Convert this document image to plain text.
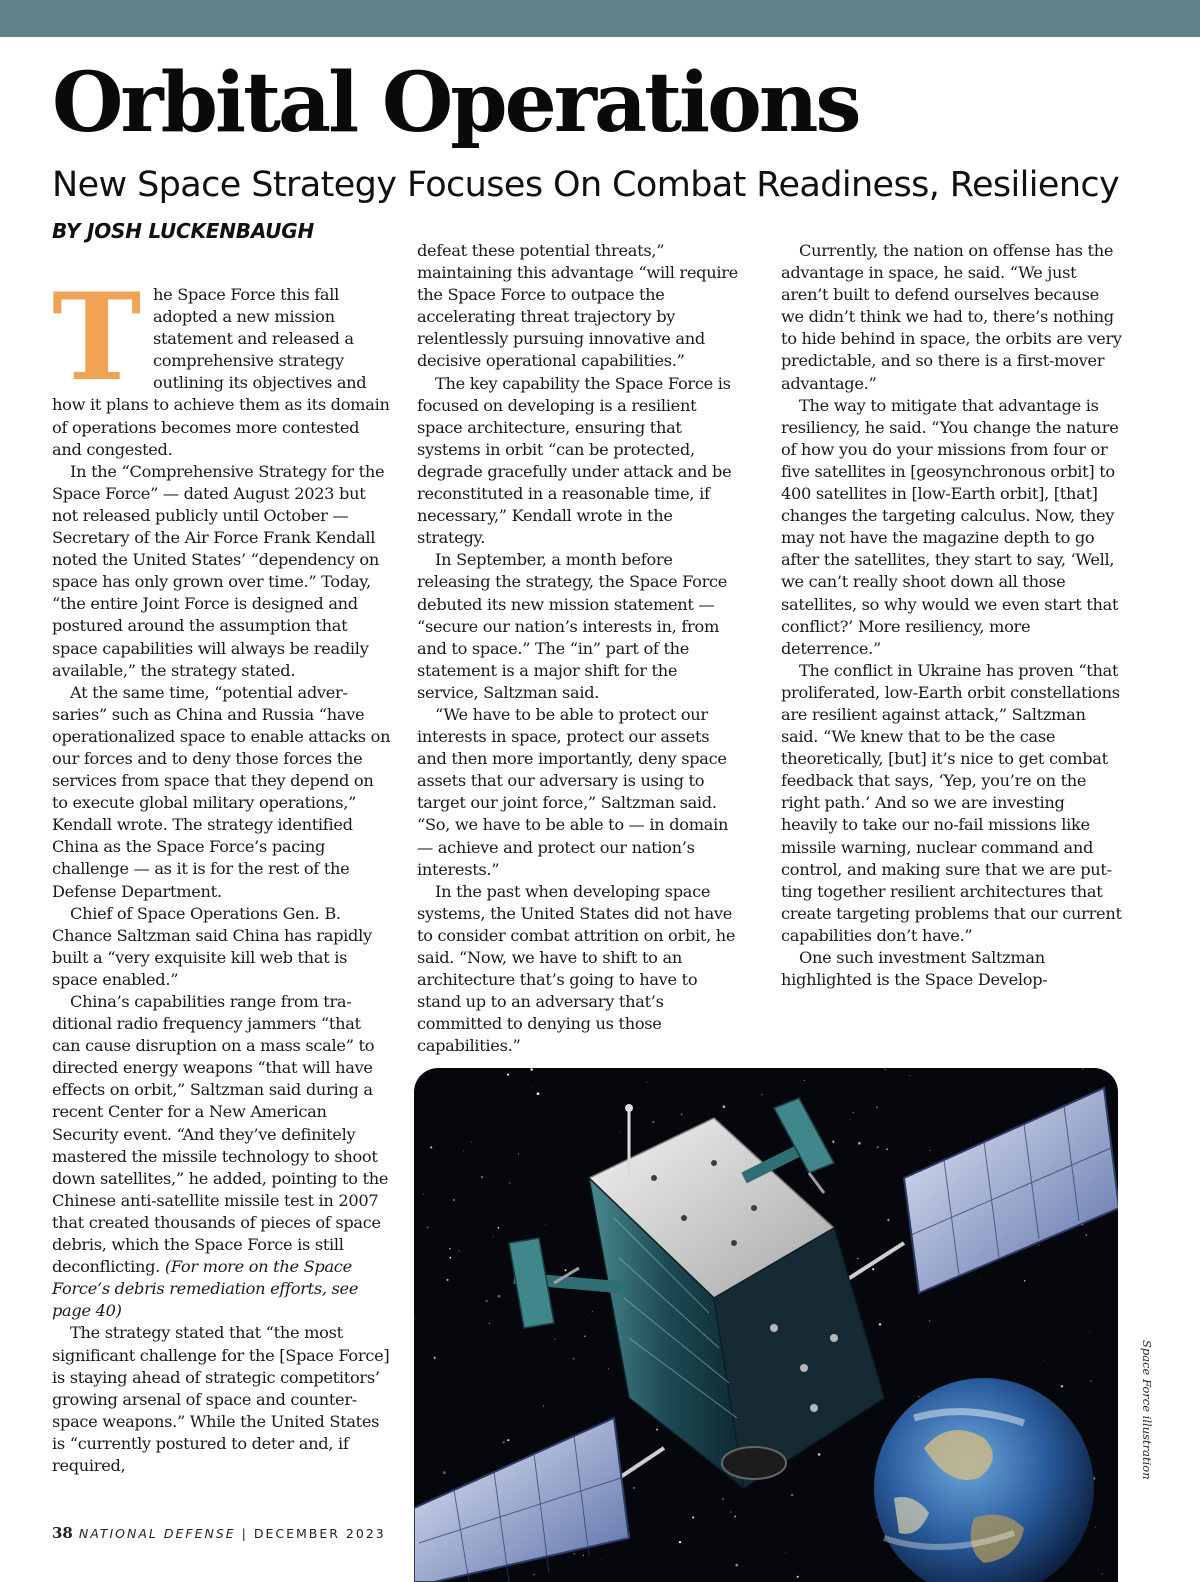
Orbital Operations
New Space Strategy Focuses On Combat Readiness, Resiliency
BY JOSH LUCKENBAUGH
T he Space Force this fall adopted a new mission statement and released a comprehensive strategy outlining its objectives and how it plans to achieve them as its domain of operations becomes more contested and congested.

In the “Comprehensive Strategy for the Space Force” — dated August 2023 but not released publicly until October — Secretary of the Air Force Frank Kendall noted the United States’ “dependency on space has only grown over time.” Today, “the entire Joint Force is designed and postured around the assumption that space capabilities will always be readily available,” the strategy stated.

At the same time, “potential adversaries” such as China and Russia “have operationalized space to enable attacks on our forces and to deny those forces the services from space that they depend on to execute global military operations,” Kendall wrote. The strategy identified China as the Space Force’s pacing challenge — as it is for the rest of the Defense Department.

Chief of Space Operations Gen. B. Chance Saltzman said China has rapidly built a “very exquisite kill web that is space enabled.”

China’s capabilities range from traditional radio frequency jammers “that can cause disruption on a mass scale” to directed energy weapons “that will have effects on orbit,” Saltzman said during a recent Center for a New American Security event. “And they’ve definitely mastered the missile technology to shoot down satellites,” he added, pointing to the Chinese anti-satellite missile test in 2007 that created thousands of pieces of space debris, which the Space Force is still deconflicting. (For more on the Space Force’s debris remediation efforts, see page 40)

The strategy stated that “the most significant challenge for the [Space Force] is staying ahead of strategic competitors’ growing arsenal of space and counter-space weapons.” While the United States is “currently postured to deter and, if required,

defeat these potential threats,” maintaining this advantage “will require the Space Force to outpace the accelerating threat trajectory by relentlessly pursuing innovative and decisive operational capabilities.”

The key capability the Space Force is focused on developing is a resilient space architecture, ensuring that systems in orbit “can be protected, degrade gracefully under attack and be reconstituted in a reasonable time, if necessary,” Kendall wrote in the strategy.

In September, a month before releasing the strategy, the Space Force debuted its new mission statement — “secure our nation’s interests in, from and to space.” The “in” part of the statement is a major shift for the service, Saltzman said.

“We have to be able to protect our interests in space, protect our assets and then more importantly, deny space assets that our adversary is using to target our joint force,” Saltzman said. “So, we have to be able to — in domain — achieve and protect our nation’s interests.”

In the past when developing space systems, the United States did not have to consider combat attrition on orbit, he said. “Now, we have to shift to an architecture that’s going to have to stand up to an adversary that’s committed to denying us those capabilities.”

Currently, the nation on offense has the advantage in space, he said. “We just aren’t built to defend ourselves because we didn’t think we had to, there’s nothing to hide behind in space, the orbits are very predictable, and so there is a first-mover advantage.”

The way to mitigate that advantage is resiliency, he said. “You change the nature of how you do your missions from four or five satellites in [geosynchronous orbit] to 400 satellites in [low-Earth orbit], [that] changes the targeting calculus. Now, they may not have the magazine depth to go after the satellites, they start to say, ‘Well, we can’t really shoot down all those satellites, so why would we even start that conflict?’ More resiliency, more deterrence.”

The conflict in Ukraine has proven “that proliferated, low-Earth orbit constellations are resilient against attack,” Saltzman said. “We knew that to be the case theoretically, [but] it’s nice to get combat feedback that says, ‘Yep, you’re on the right path.’ And so we are investing heavily to take our no-fail missions like missile warning, nuclear command and control, and making sure that we are putting together resilient architectures that create targeting problems that our current capabilities don’t have.”

One such investment Saltzman highlighted is the Space Develop-

Space Force illustration
38 NATIONAL DEFENSE | DECEMBER 2023
